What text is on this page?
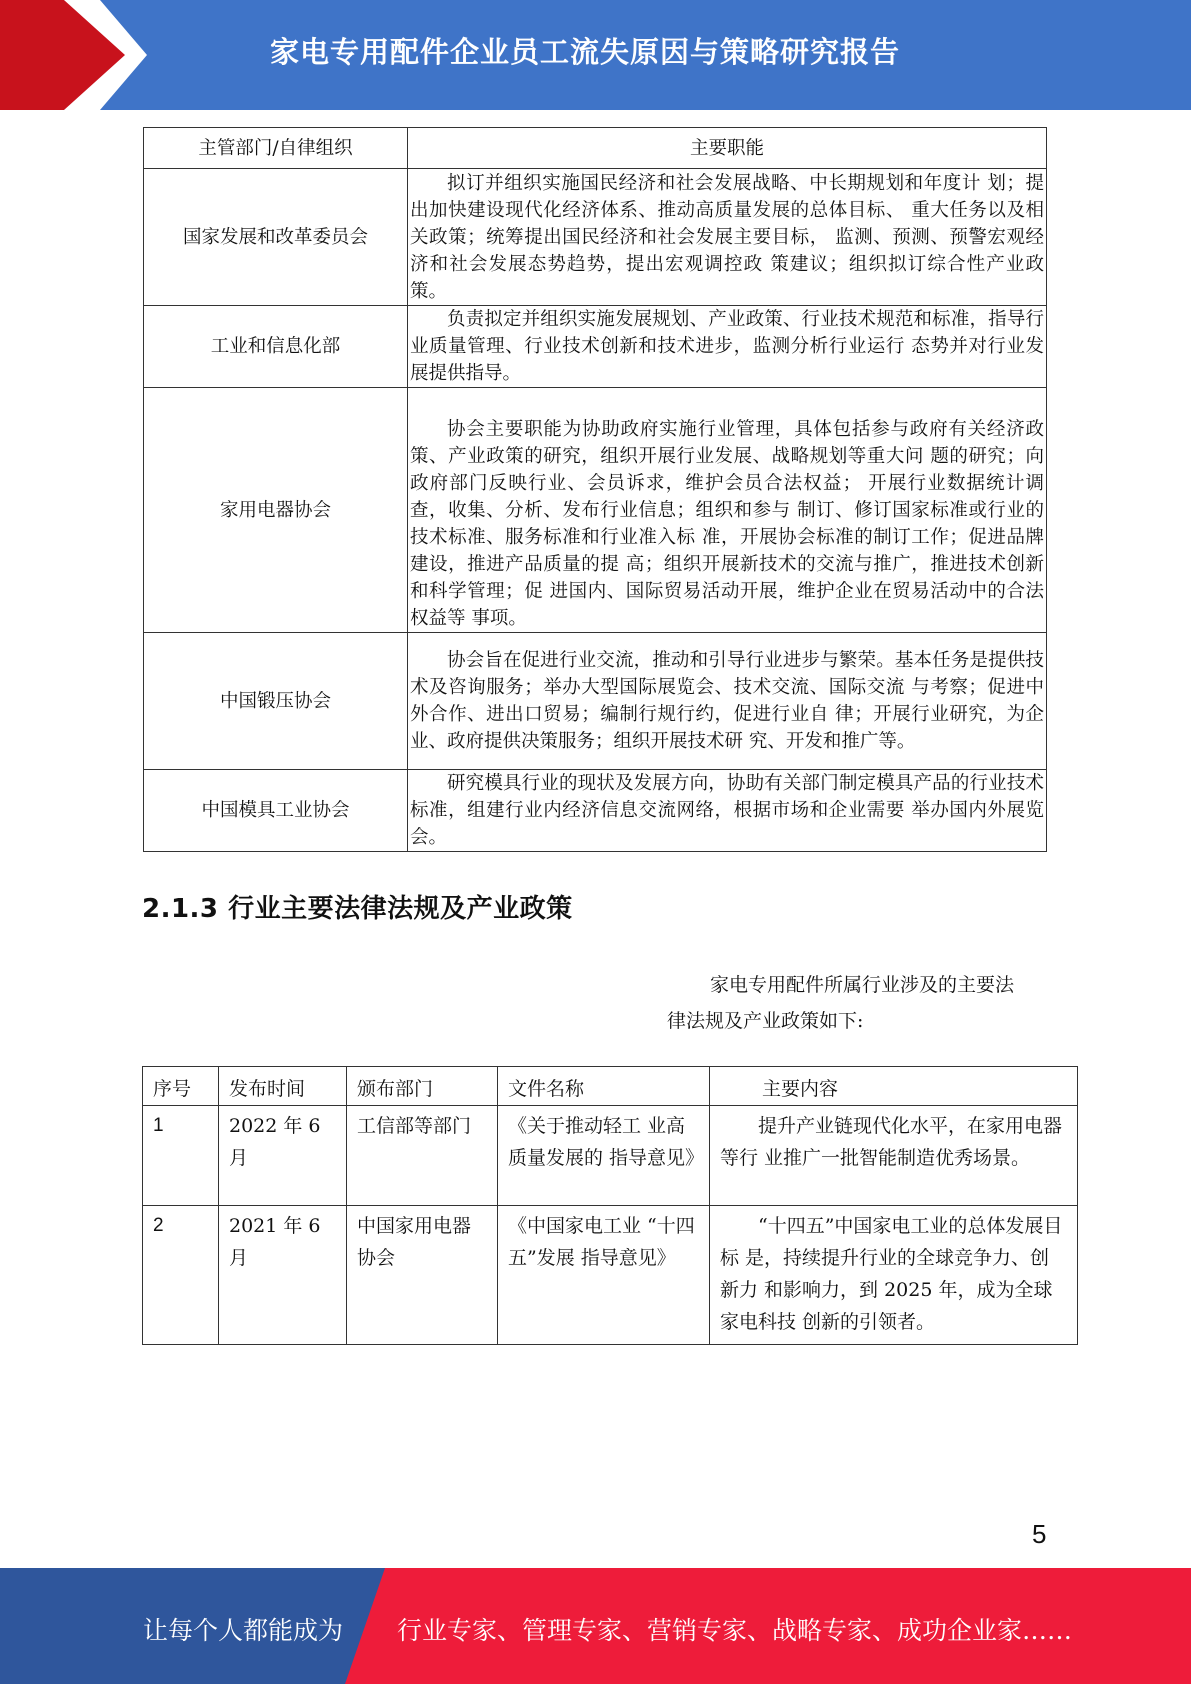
家电专用配件企业员工流失原因与策略研究报告
主管部门/自律组织	主要职能
国家发展和改革委员会	拟订并组织实施国民经济和社会发展战略、中长期规划和年度计 划；提出加快建设现代化经济体系、推动高质量发展的总体目标、 重大任务以及相关政策；统筹提出国民经济和社会发展主要目标， 监测、预测、预警宏观经济和社会发展态势趋势，提出宏观调控政 策建议；组织拟订综合性产业政策。

工业和信息化部	负责拟定并组织实施发展规划、产业政策、行业技术规范和标准，指导行业质量管理、行业技术创新和技术进步，监测分析行业运行 态势并对行业发展提供指导。

家用电器协会	协会主要职能为协助政府实施行业管理，具体包括参与政府有关经济政策、产业政策的研究，组织开展行业发展、战略规划等重大问 题的研究；向政府部门反映行业、会员诉求，维护会员合法权益； 开展行业数据统计调查，收集、分析、发布行业信息；组织和参与 制订、修订国家标准或行业的技术标准、服务标准和行业准入标 准，开展协会标准的制订工作；促进品牌建设，推进产品质量的提 高；组织开展新技术的交流与推广，推进技术创新和科学管理；促 进国内、国际贸易活动开展，维护企业在贸易活动中的合法权益等 事项。

中国锻压协会	协会旨在促进行业交流，推动和引导行业进步与繁荣。基本任务是提供技术及咨询服务；举办大型国际展览会、技术交流、国际交流 与考察；促进中外合作、进出口贸易；编制行规行约，促进行业自 律；开展行业研究，为企业、政府提供决策服务；组织开展技术研 究、开发和推广等。

中国模具工业协会	研究模具行业的现状及发展方向，协助有关部门制定模具产品的行业技术标准，组建行业内经济信息交流网络，根据市场和企业需要 举办国内外展览会。

2.1.3 行业主要法律法规及产业政策
家电专用配件所属行业涉及的主要法
律法规及产业政策如下:
序号	发布时间	颁布部门	文件名称	主要内容
1	2022 年 6 月	工信部等部门	《关于推动轻工 业高质量发展的 指导意见》	提升产业链现代化水平，在家用电器等行 业推广一批智能制造优秀场景。
2	2021 年 6 月	中国家用电器协会	《中国家电工业 “十四五”发展 指导意见》	“十四五”中国家电工业的总体发展目标 是，持续提升行业的全球竞争力、创新力 和影响力，到 2025 年，成为全球家电科技 创新的引领者。
5
让每个人都能成为 行业专家、管理专家、营销专家、战略专家、成功企业家……
